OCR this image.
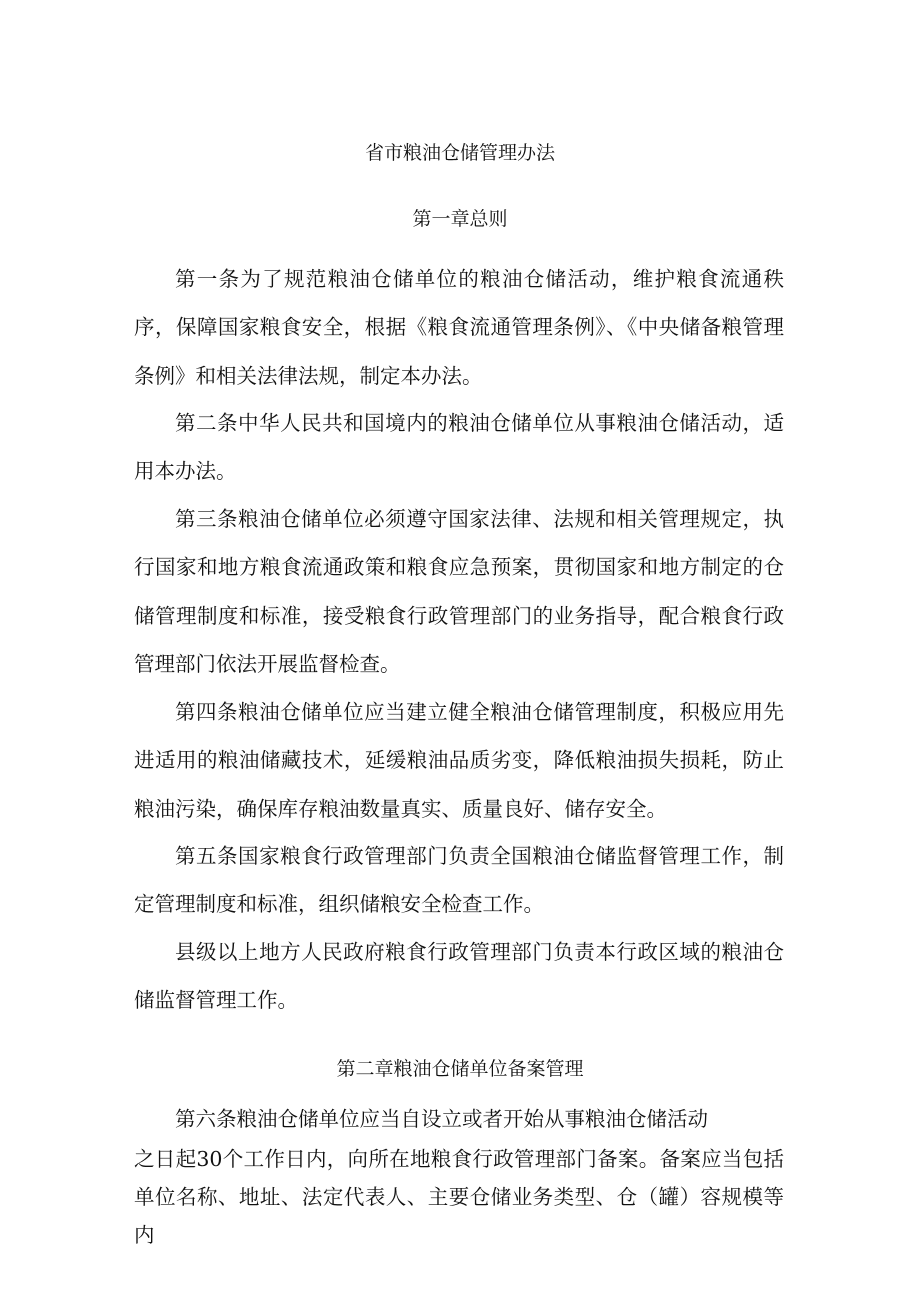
省市粮油仓储管理办法
第一章总则

第一条为了规范粮油仓储单位的粮油仓储活动，维护粮食流通秩序，保障国家粮食安全，根据《粮食流通管理条例》、《中央储备粮管理条例》和相关法律法规，制定本办法。

第二条中华人民共和国境内的粮油仓储单位从事粮油仓储活动，适用本办法。

第三条粮油仓储单位必须遵守国家法律、法规和相关管理规定，执行国家和地方粮食流通政策和粮食应急预案，贯彻国家和地方制定的仓储管理制度和标准，接受粮食行政管理部门的业务指导，配合粮食行政管理部门依法开展监督检查。

第四条粮油仓储单位应当建立健全粮油仓储管理制度，积极应用先进适用的粮油储藏技术，延缓粮油品质劣变，降低粮油损失损耗，防止粮油污染，确保库存粮油数量真实、质量良好、储存安全。

第五条国家粮食行政管理部门负责全国粮油仓储监督管理工作，制定管理制度和标准，组织储粮安全检查工作。

县级以上地方人民政府粮食行政管理部门负责本行政区域的粮油仓储监督管理工作。

第二章粮油仓储单位备案管理

第六条粮油仓储单位应当自设立或者开始从事粮油仓储活动

之日起30个工作日内，向所在地粮食行政管理部门备案。备案应当包括单位名称、地址、法定代表人、主要仓储业务类型、仓（罐）容规模等内
